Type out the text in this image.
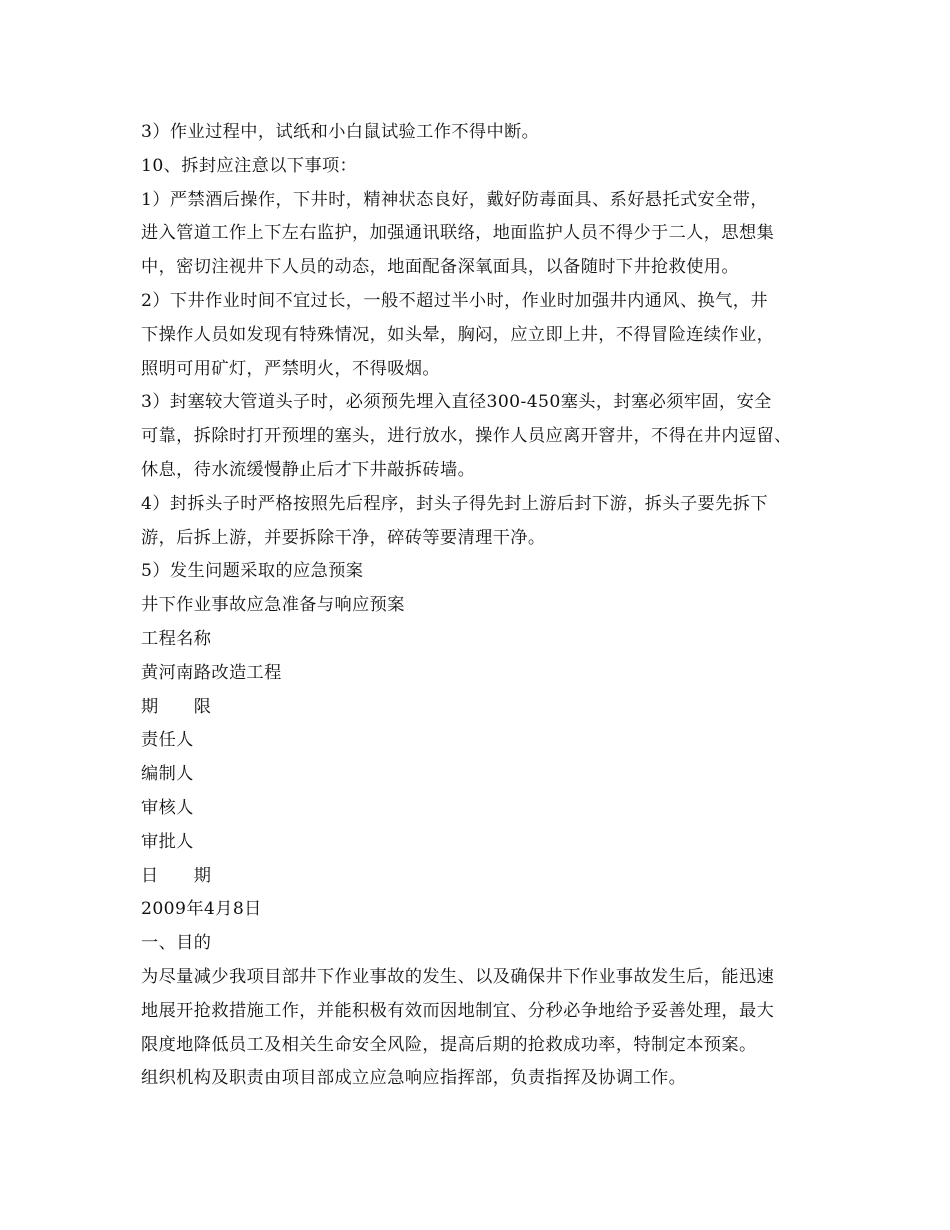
3）作业过程中，试纸和小白鼠试验工作不得中断。
10、拆封应注意以下事项：
1）严禁酒后操作，下井时，精神状态良好，戴好防毒面具、系好悬托式安全带，
进入管道工作上下左右监护，加强通讯联络，地面监护人员不得少于二人，思想集
中，密切注视井下人员的动态，地面配备深氧面具，以备随时下井抢救使用。
2）下井作业时间不宜过长，一般不超过半小时，作业时加强井内通风、换气，井
下操作人员如发现有特殊情况，如头晕，胸闷，应立即上井，不得冒险连续作业，
照明可用矿灯，严禁明火，不得吸烟。
3）封塞较大管道头子时，必须预先埋入直径300-450塞头，封塞必须牢固，安全
可靠，拆除时打开预埋的塞头，进行放水，操作人员应离开窨井，不得在井内逗留、
休息，待水流缓慢静止后才下井敲拆砖墙。
4）封拆头子时严格按照先后程序，封头子得先封上游后封下游，拆头子要先拆下
游，后拆上游，并要拆除干净，碎砖等要清理干净。
5）发生问题采取的应急预案
井下作业事故应急准备与响应预案
工程名称
黄河南路改造工程
期　　限
责任人
编制人
审核人
审批人
日　　期
2009年4月8日
一、目的
为尽量减少我项目部井下作业事故的发生、以及确保井下作业事故发生后，能迅速
地展开抢救措施工作，并能积极有效而因地制宜、分秒必争地给予妥善处理，最大
限度地降低员工及相关生命安全风险，提高后期的抢救成功率，特制定本预案。
组织机构及职责由项目部成立应急响应指挥部，负责指挥及协调工作。
